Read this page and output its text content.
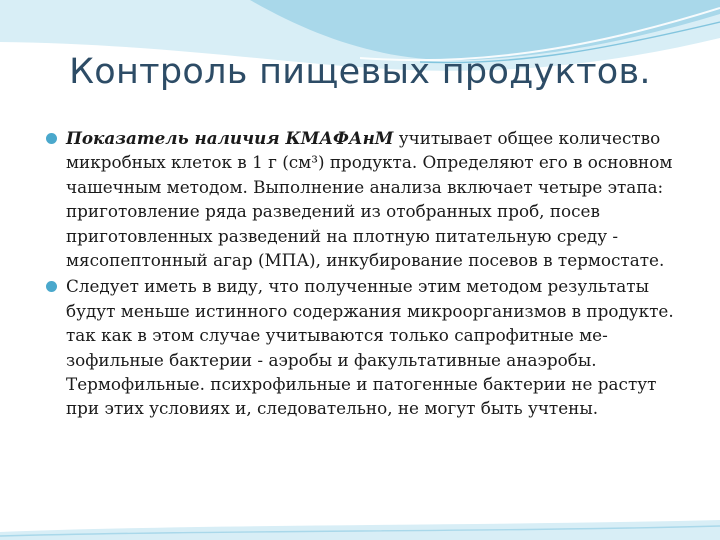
Контроль пищевых продуктов.

Показатель наличия КМАФАнМ учитывает общее количество микробных клеток в 1 г (см³) продукта. Определяют его в основном чашечным методом. Выполнение анализа включает четыре этапа: приготовление ряда разведений из отобранных проб, посев приготовленных разведений на плотную питательную среду - мясопептонный агар (МПА), инкубирование посевов в термостате.

Следует иметь в виду, что полученные этим методом результаты будут меньше истинного содержания микроорганизмов в продукте. так как в этом случае учитываются только сапрофитные ме- зофильные бактерии - аэробы и факультативные анаэробы. Термофильные. психрофильные и патогенные бактерии не растут при этих условиях и, следовательно, не могут быть учтены.
